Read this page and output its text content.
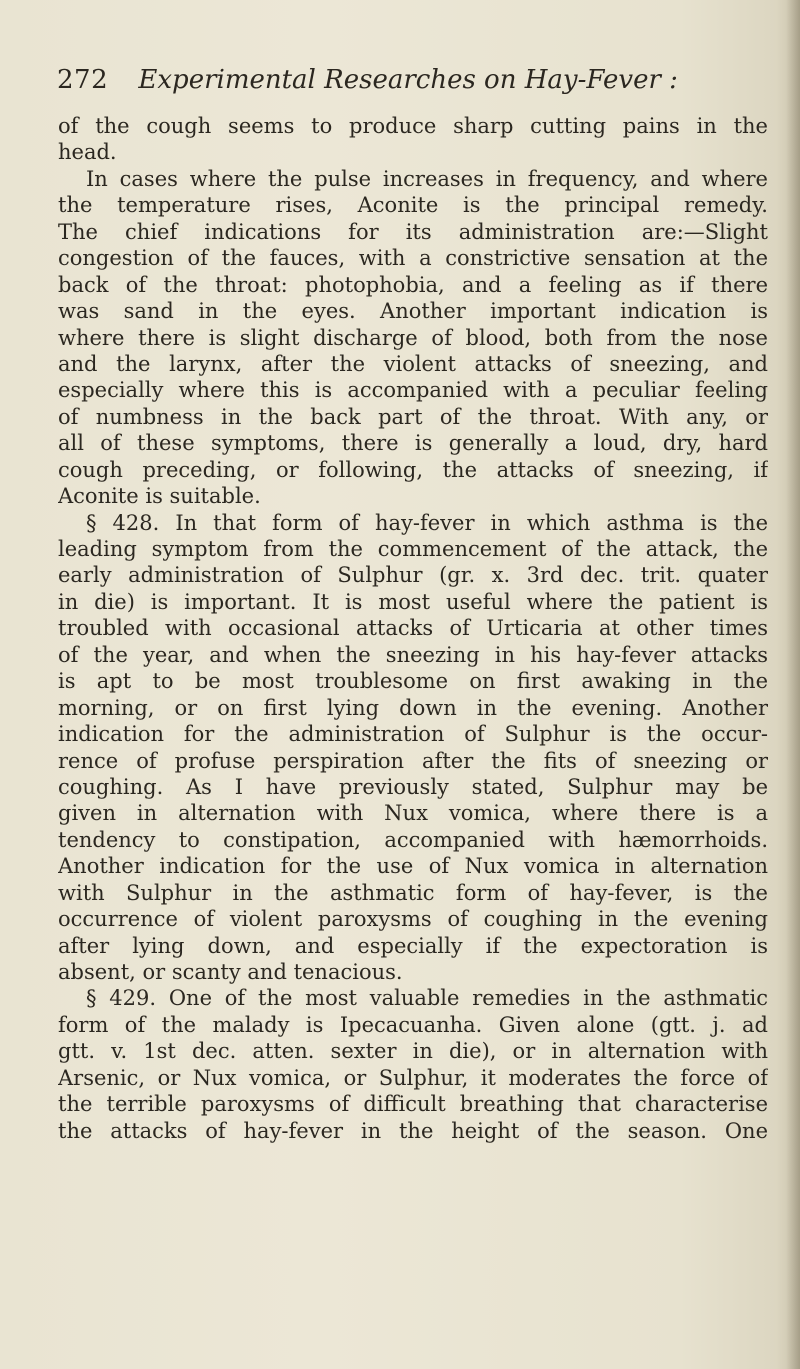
272 Experimental Researches on Hay-Fever :
of the cough seems to produce sharp cutting pains in the
head.
In cases where the pulse increases in frequency, and where
the temperature rises, Aconite is the principal remedy.
The chief indications for its administration are:—Slight
congestion of the fauces, with a constrictive sensation at the
back of the throat: photophobia, and a feeling as if there
was sand in the eyes. Another important indication is
where there is slight discharge of blood, both from the nose
and the larynx, after the violent attacks of sneezing, and
especially where this is accompanied with a peculiar feeling
of numbness in the back part of the throat. With any, or
all of these symptoms, there is generally a loud, dry, hard
cough preceding, or following, the attacks of sneezing, if
Aconite is suitable.
§ 428. In that form of hay-fever in which asthma is the
leading symptom from the commencement of the attack, the
early administration of Sulphur (gr. x. 3rd dec. trit. quater
in die) is important. It is most useful where the patient is
troubled with occasional attacks of Urticaria at other times
of the year, and when the sneezing in his hay-fever attacks
is apt to be most troublesome on first awaking in the
morning, or on first lying down in the evening. Another
indication for the administration of Sulphur is the occur-
rence of profuse perspiration after the fits of sneezing or
coughing. As I have previously stated, Sulphur may be
given in alternation with Nux vomica, where there is a
tendency to constipation, accompanied with hæmorrhoids.
Another indication for the use of Nux vomica in alternation
with Sulphur in the asthmatic form of hay-fever, is the
occurrence of violent paroxysms of coughing in the evening
after lying down, and especially if the expectoration is
absent, or scanty and tenacious.
§ 429. One of the most valuable remedies in the asthmatic
form of the malady is Ipecacuanha. Given alone (gtt. j. ad
gtt. v. 1st dec. atten. sexter in die), or in alternation with
Arsenic, or Nux vomica, or Sulphur, it moderates the force of
the terrible paroxysms of difficult breathing that characterise
the attacks of hay-fever in the height of the season. One
